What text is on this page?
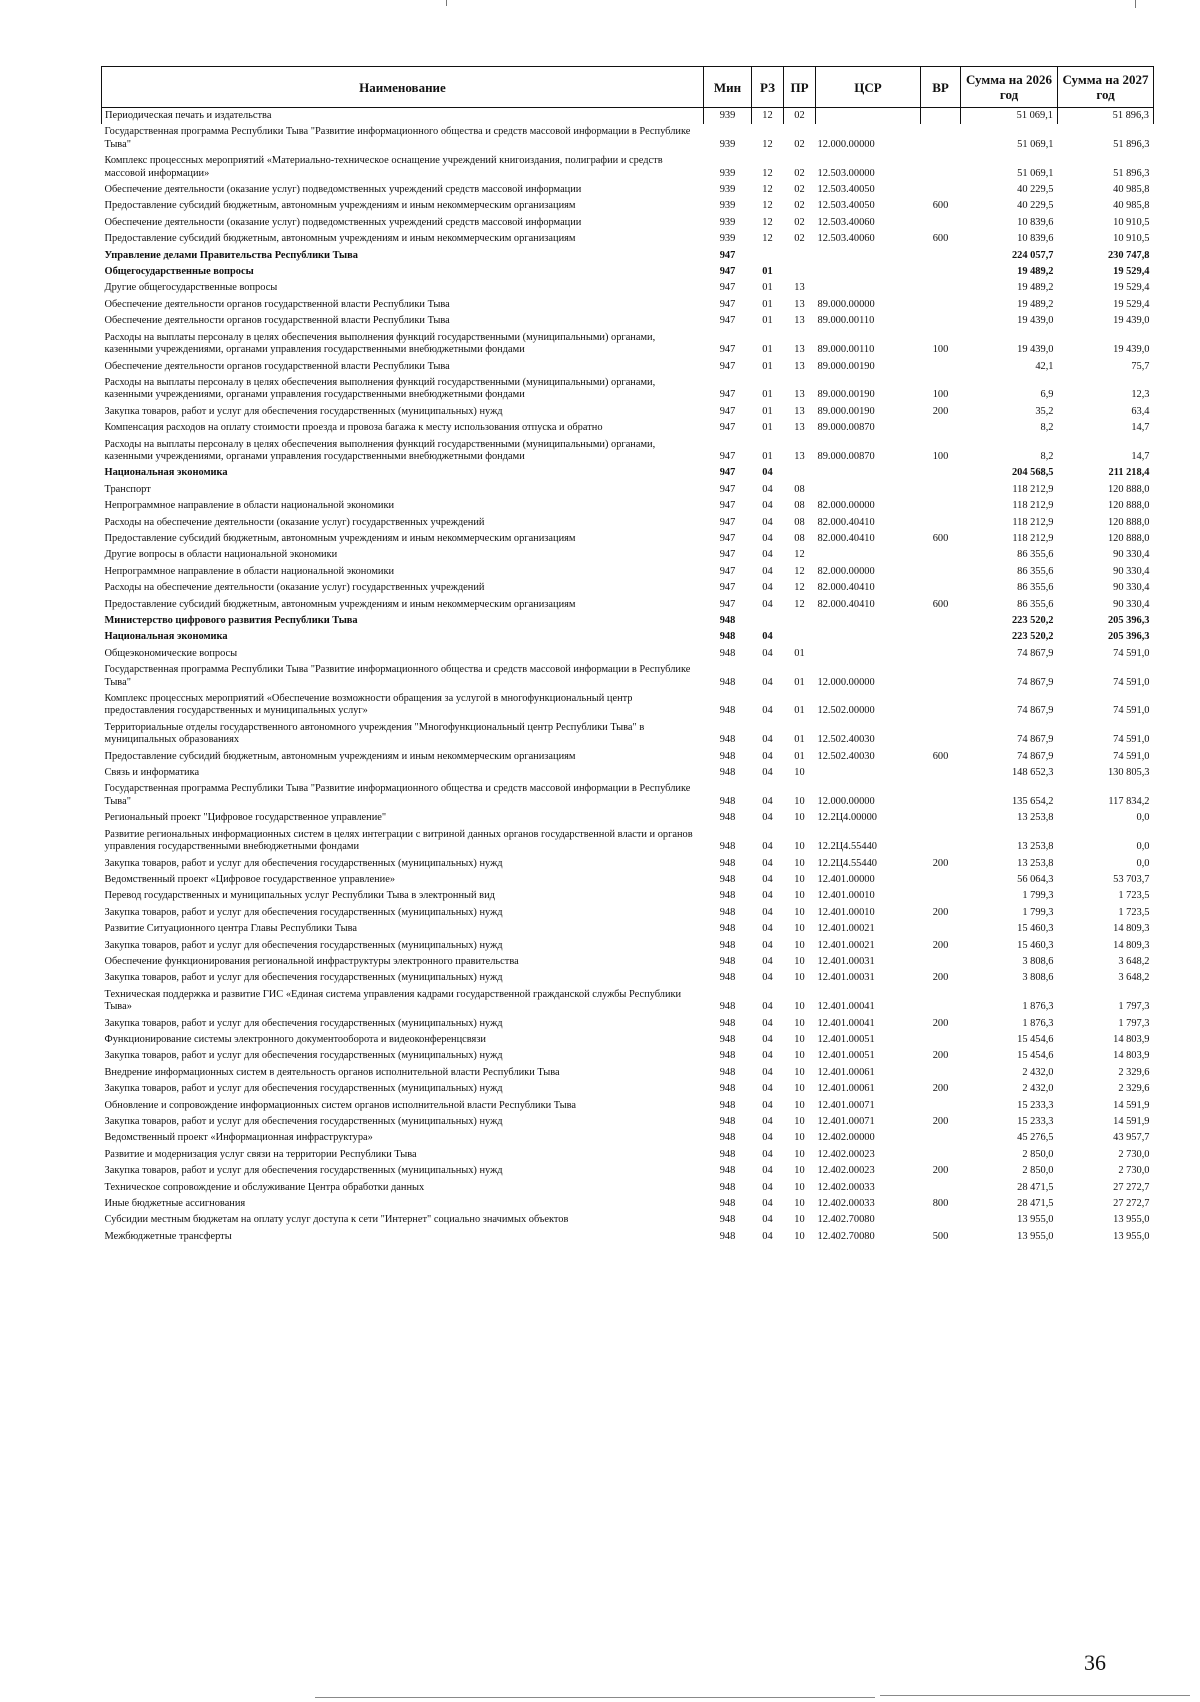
Наименование	Мин	РЗ	ПР	ЦСР	ВР	Сумма на 2026 год	Сумма на 2027 год
Периодическая печать и издательства	939	12	02			51 069,1	51 896,3
Государственная программа Республики Тыва "Развитие информационного общества и средств массовой информации в Республике Тыва"	939	12	02	12.000.00000		51 069,1	51 896,3
Комплекс процессных мероприятий «Материально-техническое оснащение учреждений книгоиздания, полиграфии и средств массовой информации»	939	12	02	12.503.00000		51 069,1	51 896,3
Обеспечение деятельности (оказание услуг) подведомственных учреждений средств массовой информации	939	12	02	12.503.40050		40 229,5	40 985,8
Предоставление субсидий бюджетным, автономным учреждениям и иным некоммерческим организациям	939	12	02	12.503.40050	600	40 229,5	40 985,8
Обеспечение деятельности (оказание услуг) подведомственных учреждений средств массовой информации	939	12	02	12.503.40060		10 839,6	10 910,5
Предоставление субсидий бюджетным, автономным учреждениям и иным некоммерческим организациям	939	12	02	12.503.40060	600	10 839,6	10 910,5
Управление делами Правительства Республики Тыва	947					224 057,7	230 747,8
Общегосударственные вопросы	947	01				19 489,2	19 529,4
Другие общегосударственные вопросы	947	01	13			19 489,2	19 529,4
Обеспечение деятельности органов государственной власти Республики Тыва	947	01	13	89.000.00000		19 489,2	19 529,4
Обеспечение деятельности органов государственной власти Республики Тыва	947	01	13	89.000.00110		19 439,0	19 439,0
Расходы на выплаты персоналу в целях обеспечения выполнения функций государственными (муниципальными) органами, казенными учреждениями, органами управления государственными внебюджетными фондами	947	01	13	89.000.00110	100	19 439,0	19 439,0
Обеспечение деятельности органов государственной власти Республики Тыва	947	01	13	89.000.00190		42,1	75,7
Расходы на выплаты персоналу в целях обеспечения выполнения функций государственными (муниципальными) органами, казенными учреждениями, органами управления государственными внебюджетными фондами	947	01	13	89.000.00190	100	6,9	12,3
Закупка товаров, работ и услуг для обеспечения государственных (муниципальных) нужд	947	01	13	89.000.00190	200	35,2	63,4
Компенсация расходов на оплату стоимости проезда и провоза багажа к месту использования отпуска и обратно	947	01	13	89.000.00870		8,2	14,7
Расходы на выплаты персоналу в целях обеспечения выполнения функций государственными (муниципальными) органами, казенными учреждениями, органами управления государственными внебюджетными фондами	947	01	13	89.000.00870	100	8,2	14,7
Национальная экономика	947	04				204 568,5	211 218,4
Транспорт	947	04	08			118 212,9	120 888,0
Непрограммное направление в области национальной экономики	947	04	08	82.000.00000		118 212,9	120 888,0
Расходы на обеспечение деятельности (оказание услуг) государственных учреждений	947	04	08	82.000.40410		118 212,9	120 888,0
Предоставление субсидий бюджетным, автономным учреждениям и иным некоммерческим организациям	947	04	08	82.000.40410	600	118 212,9	120 888,0
Другие вопросы в области национальной экономики	947	04	12			86 355,6	90 330,4
Непрограммное направление в области национальной экономики	947	04	12	82.000.00000		86 355,6	90 330,4
Расходы на обеспечение деятельности (оказание услуг) государственных учреждений	947	04	12	82.000.40410		86 355,6	90 330,4
Предоставление субсидий бюджетным, автономным учреждениям и иным некоммерческим организациям	947	04	12	82.000.40410	600	86 355,6	90 330,4
Министерство цифрового развития Республики Тыва	948					223 520,2	205 396,3
Национальная экономика	948	04				223 520,2	205 396,3
Общеэкономические вопросы	948	04	01			74 867,9	74 591,0
Государственная программа Республики Тыва "Развитие информационного общества и средств массовой информации в Республике Тыва"	948	04	01	12.000.00000		74 867,9	74 591,0
Комплекс процессных мероприятий «Обеспечение возможности обращения за услугой в многофункциональный центр предоставления государственных и муниципальных услуг»	948	04	01	12.502.00000		74 867,9	74 591,0
Территориальные отделы государственного автономного учреждения "Многофункциональный центр Республики Тыва" в муниципальных образованиях	948	04	01	12.502.40030		74 867,9	74 591,0
Предоставление субсидий бюджетным, автономным учреждениям и иным некоммерческим организациям	948	04	01	12.502.40030	600	74 867,9	74 591,0
Связь и информатика	948	04	10			148 652,3	130 805,3
Государственная программа Республики Тыва "Развитие информационного общества и средств массовой информации в Республике Тыва"	948	04	10	12.000.00000		135 654,2	117 834,2
Региональный проект "Цифровое государственное управление"	948	04	10	12.2Ц4.00000		13 253,8	0,0
Развитие региональных информационных систем в целях интеграции с витриной данных органов государственной власти и органов управления государственными внебюджетными фондами	948	04	10	12.2Ц4.55440		13 253,8	0,0
Закупка товаров, работ и услуг для обеспечения государственных (муниципальных) нужд	948	04	10	12.2Ц4.55440	200	13 253,8	0,0
Ведомственный проект «Цифровое государственное управление»	948	04	10	12.401.00000		56 064,3	53 703,7
Перевод государственных и муниципальных услуг Республики Тыва в электронный вид	948	04	10	12.401.00010		1 799,3	1 723,5
Закупка товаров, работ и услуг для обеспечения государственных (муниципальных) нужд	948	04	10	12.401.00010	200	1 799,3	1 723,5
Развитие Ситуационного центра Главы Республики Тыва	948	04	10	12.401.00021		15 460,3	14 809,3
Закупка товаров, работ и услуг для обеспечения государственных (муниципальных) нужд	948	04	10	12.401.00021	200	15 460,3	14 809,3
Обеспечение функционирования региональной инфраструктуры электронного правительства	948	04	10	12.401.00031		3 808,6	3 648,2
Закупка товаров, работ и услуг для обеспечения государственных (муниципальных) нужд	948	04	10	12.401.00031	200	3 808,6	3 648,2
Техническая поддержка и развитие ГИС «Единая система управления кадрами государственной гражданской службы Республики Тыва»	948	04	10	12.401.00041		1 876,3	1 797,3
Закупка товаров, работ и услуг для обеспечения государственных (муниципальных) нужд	948	04	10	12.401.00041	200	1 876,3	1 797,3
Функционирование системы электронного документооборота и видеоконференцсвязи	948	04	10	12.401.00051		15 454,6	14 803,9
Закупка товаров, работ и услуг для обеспечения государственных (муниципальных) нужд	948	04	10	12.401.00051	200	15 454,6	14 803,9
Внедрение информационных систем в деятельность органов исполнительной власти Республики Тыва	948	04	10	12.401.00061		2 432,0	2 329,6
Закупка товаров, работ и услуг для обеспечения государственных (муниципальных) нужд	948	04	10	12.401.00061	200	2 432,0	2 329,6
Обновление и сопровождение информационных систем органов исполнительной власти Республики Тыва	948	04	10	12.401.00071		15 233,3	14 591,9
Закупка товаров, работ и услуг для обеспечения государственных (муниципальных) нужд	948	04	10	12.401.00071	200	15 233,3	14 591,9
Ведомственный проект «Информационная инфраструктура»	948	04	10	12.402.00000		45 276,5	43 957,7
Развитие и модернизация услуг связи на территории Республики Тыва	948	04	10	12.402.00023		2 850,0	2 730,0
Закупка товаров, работ и услуг для обеспечения государственных (муниципальных) нужд	948	04	10	12.402.00023	200	2 850,0	2 730,0
Техническое сопровождение и обслуживание Центра обработки данных	948	04	10	12.402.00033		28 471,5	27 272,7
Иные бюджетные ассигнования	948	04	10	12.402.00033	800	28 471,5	27 272,7
Субсидии местным бюджетам на оплату услуг доступа к сети "Интернет" социально значимых объектов	948	04	10	12.402.70080		13 955,0	13 955,0
Межбюджетные трансферты	948	04	10	12.402.70080	500	13 955,0	13 955,0
36
